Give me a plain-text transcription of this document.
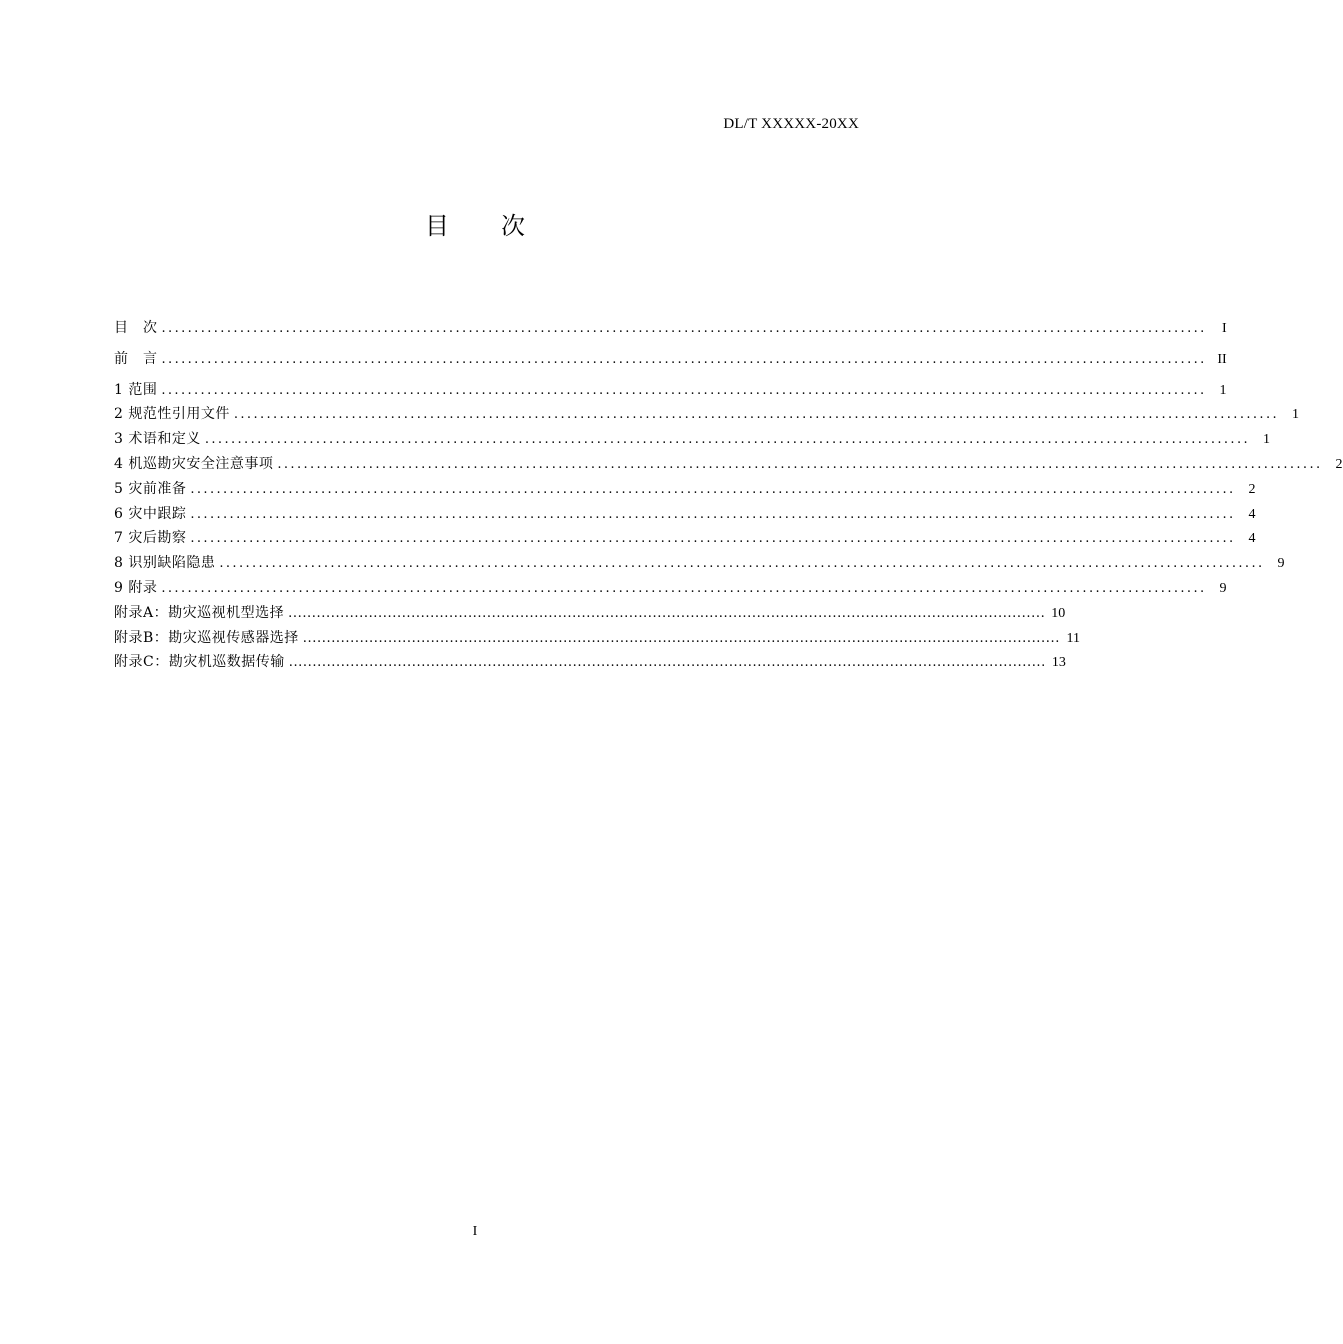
DL/T XXXXX-20XX
目次
目　次 ................................................................................................................................................................	I
前　言 ................................................................................................................................................................ II
1 范围 ................................................................................................................................................................ 1
2 规范性引用文件 ................................................................................................................................................................ 1
3 术语和定义 ................................................................................................................................................................ 1
4 机巡勘灾安全注意事项 ................................................................................................................................................................ 2
5 灾前准备 ................................................................................................................................................................ 2
6 灾中跟踪 ................................................................................................................................................................ 4
7 灾后勘察 ................................................................................................................................................................ 4
8 识别缺陷隐患 ................................................................................................................................................................ 9
9 附录 ................................................................................................................................................................ 9
附录A：勘灾巡视机型选择 ................................................................................................................................................................ 10
附录B：勘灾巡视传感器选择 ................................................................................................................................................................ 11
附录C：勘灾机巡数据传输 ................................................................................................................................................................ 13
I
